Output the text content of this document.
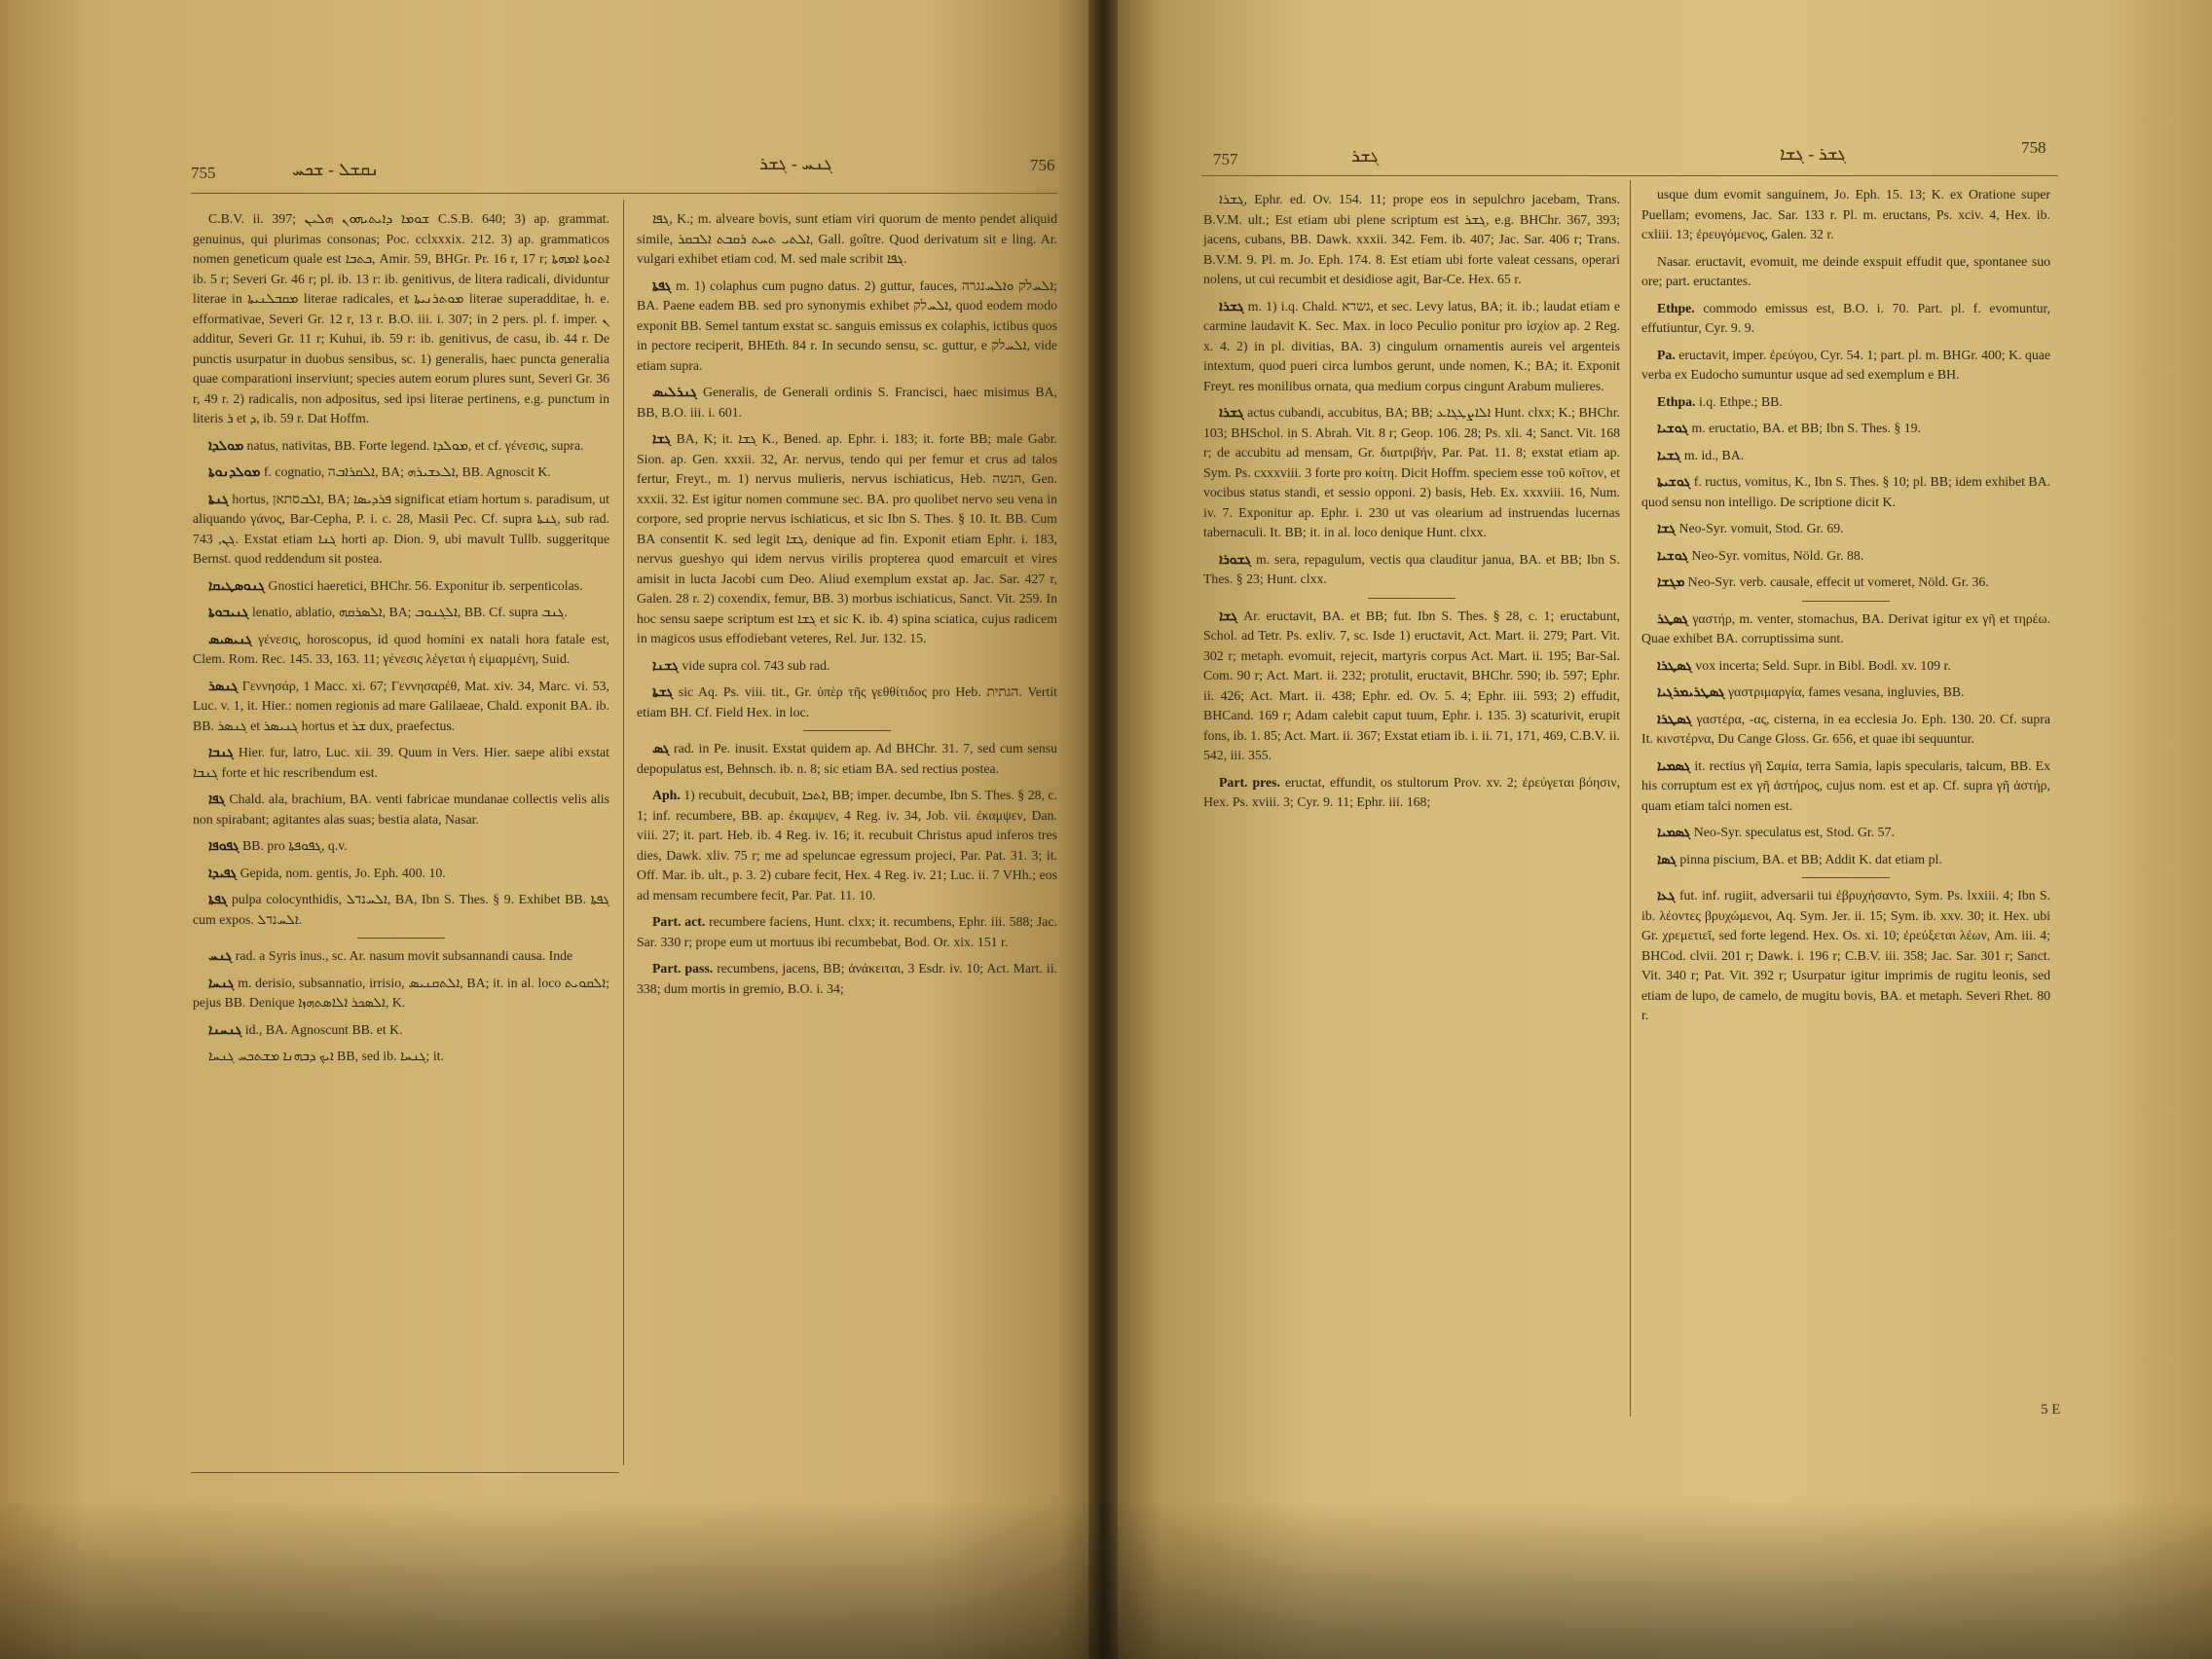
755	ܢܩܫܠ - ܫܟܚ	ܓܢܚ - ܓܫܪ	756

C.B.V. ii. 397; ܫܘܡܐ ܕܐܝܬܝܗܘܢ ܗܠܝܢ C.S.B. 640; 3) ap. grammat. genuinus, qui plurimas consonas; Poc. cclxxxix. 212. 3) ap. grammaticos nomen geneticum quale est ܟܬܒܐ, Amir. 59, BHGr. Pr. 16 r, 17 r; ܐܬܘܬܐ ܐܡܗܬܐ ib. 5 r; Severi Gr. 46 r; pl. ib. 13 r: ib. genitivus, de litera radicali, dividuntur literae in ܡܩܒܠܢܝܬܐ literae radicales, et ܡܘܬܪܢܝܬܐ literae superadditae, h. e. efformativae, Severi Gr. 12 r, 13 r. B.O. iii. i. 307; in 2 pers. pl. f. imper. ܢ additur, Severi Gr. 11 r; Kuhui, ib. 59 r: ib. genitivus, de casu, ib. 44 r. De punctis usurpatur in duobus sensibus, sc. 1) generalis, haec puncta generalia quae comparationi inserviunt; species autem eorum plures sunt, Severi Gr. 36 r, 49 r. 2) radicalis, non adpositus, sed ipsi literae pertinens, e.g. punctum in literis ܪ et ܕ, ib. 59 r. Dat Hoffm.

ܡܘܠܕܐ natus, nativitas, BB. Forte legend. ܡܘܠܕܐ, et cf. γένεσις, supra.

ܡܘܠܕܢܘܬܐ f. cognatio, ܐܠܩܪܐܒה, BA; ܐܠܥܫܝܪܗ, BB. Agnoscit K.

ܓܢܬܐ hortus, ܐܠܒסתאן, BA; ܦܪܕܝܣܐ significat etiam hortum s. paradisum, ut aliquando γάνος, Bar-Cepha, P. i. c. 28, Masii Pec. Cf. supra ܓܢܬܐ, sub rad. ܓܢ, 743. Exstat etiam ܓܢܐ horti ap. Dion. 9, ubi mavult Tullb. suggeritque Bernst. quod reddendum sit postea.

ܓܢܘܣܛܝܩܐ Gnostici haeretici, BHChr. 56. Exponitur ib. serpenticolas.

ܓܢܝܒܘܬܐ lenatio, ablatio, ܐܠܣܪܩܗ, BA; ܐܠܓܢܘܒ, BB. Cf. supra ܓܢܒ.

ܓܢܝܣܝܣ γένεσις, horoscopus, id quod homini ex natali hora fatale est, Clem. Rom. Rec. 145. 33, 163. 11; γένεσις λέγεται ἡ εἱμαρμένη, Suid.

ܓܢܣܪ Γεννησάρ, 1 Macc. xi. 67; Γεννησαρέθ, Mat. xiv. 34, Marc. vi. 53, Luc. v. 1, it. Hier.: nomen regionis ad mare Galilaeae, Chald. exponit BA. ib. BB. ܓܢܣܪ et ܓܢܝܣܪ hortus et ܫܪ dux, praefectus.

ܓܢܒܐ Hier. fur, latro, Luc. xii. 39. Quum in Vers. Hier. saepe alibi exstat ܓܢܒܐ forte et hic rescribendum est.

ܓܦܐ Chald. ala, brachium, BA. venti fabricae mundanae collectis velis alis non spirabant; agitantes alas suas; bestia alata, Nasar.

ܓܦܘܦܐ BB. pro ܓܦܘܦܬܐ, q.v.

ܓܦܝܕܐ Gepida, nom. gentis, Jo. Eph. 400. 10.

ܓܦܬܐ pulpa colocynthidis, ܐܠܚנדܠ, BA, Ibn S. Thes. § 9. Exhibet BB. ܓܦܬܐ cum expos. ܐܠܚנדܠ.

ܓܢܚ rad. a Syris inus., sc. Ar. nasum movit subsannandi causa. Inde

ܓܢܚܐ m. derisio, subsannatio, irrisio, ܐܠܬܩܢܝܣ, BA; it. in al. loco ܐܠܩܘܝܬ; pejus BB. Denique ܐܠܣܟܪ ܐܠܐܣܬܗܙܐ, K.

ܓܢܚܢܐ id., BA. Agnoscunt BB. et K.

ܐܝܟ ܕܒܗܢܐ ܡܫܬܟܚ ܓܢܚܐ BB, sed ib. ܓܢܚܐ; it.

ܓܦܐ, K.; m. alveare bovis, sunt etiam viri quorum de mento pendet aliquid simile, ܐܠܬܝ ܬܚܬ ܪܩܒܬ ܐܠܒܩܪ, Gall. goître. Quod derivatum sit e ling. Ar. vulgari exhibet etiam cod. M. sed male scribit ܓܦܐ.

ܓܦܬܐ m. 1) colaphus cum pugno datus. 2) guttur, fauces, ܐܠܚלק ܘܐܠܚנגרה; BA. Paene eadem BB. sed pro synonymis exhibet ܐܠܚלק, quod eodem modo exponit BB. Semel tantum exstat sc. sanguis emissus ex colaphis, ictibus quos in pectore reciperit, BHEth. 84 r. In secundo sensu, sc. guttur, e ܐܠܚלק, vide etiam supra.

ܓܢܪܠܝܣ Generalis, de Generali ordinis S. Francisci, haec misimus BA, BB, B.O. iii. i. 601.

ܓܫܐ BA, K; it. ܓܫܐ K., Bened. ap. Ephr. i. 183; it. forte BB; male Gabr. Sion. ap. Gen. xxxii. 32, Ar. nervus, tendo qui per femur et crus ad talos fertur, Freyt., m. 1) nervus mulieris, nervus ischiaticus, Heb. הנשה, Gen. xxxii. 32. Est igitur nomen commune sec. BA. pro quolibet nervo seu vena in corpore, sed proprie nervus ischiaticus, et sic Ibn S. Thes. § 10. It. BB. Cum BA consentit K. sed legit ܓܫܐ, denique ad fin. Exponit etiam Ephr. i. 183, nervus gueshyo qui idem nervus virilis propterea quod emarcuit et vires amisit in lucta Jacobi cum Deo. Aliud exemplum exstat ap. Jac. Sar. 427 r, Galen. 28 r. 2) coxendix, femur, BB. 3) morbus ischiaticus, Sanct. Vit. 259. In hoc sensu saepe scriptum est ܓܫܐ et sic K. ib. 4) spina sciatica, cujus radicem in magicos usus effodiebant veteres, Rel. Jur. 132. 15.

ܓܫܢܐ vide supra col. 743 sub rad.

ܓܫܬܐ sic Aq. Ps. viii. tit., Gr. ὑπὲρ τῆς γεθθίτιδος pro Heb. הגתית. Vertit etiam BH. Cf. Field Hex. in loc.

ܓܣ rad. in Pe. inusit. Exstat quidem ap. Ad BHChr. 31. 7, sed cum sensu depopulatus est, Behnsch. ib. n. 8; sic etiam BA. sed rectius postea.

Aph. 1) recubuit, decubuit, ܐܬܟܐ, BB; imper. decumbe, Ibn S. Thes. § 28, c. 1; inf. recumbere, BB. ap. ἐκαμψεν, 4 Reg. iv. 34, Job. vii. ἐκαμψεν, Dan. viii. 27; it. part. Heb. ib. 4 Reg. iv. 16; it. recubuit Christus apud inferos tres dies, Dawk. xliv. 75 r; me ad speluncae egressum projeci, Par. Pat. 31. 3; it. Off. Mar. ib. ult., p. 3. 2) cubare fecit, Hex. 4 Reg. iv. 21; Luc. ii. 7 VHh.; eos ad mensam recumbere fecit, Par. Pat. 11. 10.

Part. act. recumbere faciens, Hunt. clxx; it. recumbens, Ephr. iii. 588; Jac. Sar. 330 r; prope eum ut mortuus ibi recumbebat, Bod. Or. xix. 151 r.

Part. pass. recumbens, jacens, BB; ἀνάκειται, 3 Esdr. iv. 10; Act. Mart. ii. 338; dum mortis in gremio, B.O. i. 34;

757	ܓܫܪ	ܓܫܪ - ܓܫܐ	758

ܓܫܪܐ, Ephr. ed. Ov. 154. 11; prope eos in sepulchro jacebam, Trans. B.V.M. ult.; Est etiam ubi plene scriptum est ܓܫܪ, e.g. BHChr. 367, 393; jacens, cubans, BB. Dawk. xxxii. 342. Fem. ib. 407; Jac. Sar. 406 r; Trans. B.V.M. 9. Pl. m. Jo. Eph. 174. 8. Est etiam ubi forte valeat cessans, operari nolens, ut cui recumbit et desidiose agit, Bar-Ce. Hex. 65 r.

ܓܫܪܐ m. 1) i.q. Chald. גשרא, et sec. Levy latus, BA; it. ib.; laudat etiam e carmine laudavit K. Sec. Max. in loco Peculio ponitur pro ἰσχίον ap. 2 Reg. x. 4. 2) in pl. divitias, BA. 3) cingulum ornamentis aureis vel argenteis intextum, quod pueri circa lumbos gerunt, unde nomen, K.; BA; it. Exponit Freyt. res monilibus ornata, qua medium corpus cingunt Arabum mulieres.

ܓܫܪܐ actus cubandi, accubitus, BA; BB; ܐܠܐܨܛܓܐܥ Hunt. clxx; K.; BHChr. 103; BHSchol. in S. Abrah. Vit. 8 r; Geop. 106. 28; Ps. xli. 4; Sanct. Vit. 168 r; de accubitu ad mensam, Gr. διατριβήν, Par. Pat. 11. 8; exstat etiam ap. Sym. Ps. cxxxviii. 3 forte pro κοίτη. Dicit Hoffm. speciem esse τοῦ κοῖτον, et vocibus status standi, et sessio opponi. 2) basis, Heb. Ex. xxxviii. 16, Num. iv. 7. Exponitur ap. Ephr. i. 230 ut vas olearium ad instruendas lucernas tabernaculi. It. BB; it. in al. loco denique Hunt. clxx.

ܓܫܘܪܐ m. sera, repagulum, vectis qua clauditur janua, BA. et BB; Ibn S. Thes. § 23; Hunt. clxx.

ܓܫܐ Ar. eructavit, BA. et BB; fut. Ibn S. Thes. § 28, c. 1; eructabunt, Schol. ad Tetr. Ps. exliv. 7, sc. Isde 1) eructavit, Act. Mart. ii. 279; Part. Vit. 302 r; metaph. evomuit, rejecit, martyris corpus Act. Mart. ii. 195; Bar-Sal. Com. 90 r; Act. Mart. ii. 232; protulit, eructavit, BHChr. 590; ib. 597; Ephr. ii. 426; Act. Mart. ii. 438; Ephr. ed. Ov. 5. 4; Ephr. iii. 593; 2) effudit, BHCand. 169 r; Adam calebit caput tuum, Ephr. i. 135. 3) scaturivit, erupit fons, ib. 1. 85; Act. Mart. ii. 367; Exstat etiam ib. i. ii. 71, 171, 469, C.B.V. ii. 542, iii. 355.

Part. pres. eructat, effundit, os stultorum Prov. xv. 2; ἐρεύγεται βόησιν, Hex. Ps. xviii. 3; Cyr. 9. 11; Ephr. iii. 168;

usque dum evomit sanguinem, Jo. Eph. 15. 13; K. ex Oratione super Puellam; evomens, Jac. Sar. 133 r. Pl. m. eructans, Ps. xciv. 4, Hex. ib. cxliii. 13; ἐρευγόμενος, Galen. 32 r.

Nasar. eructavit, evomuit, me deinde exspuit effudit que, spontanee suo ore; part. eructantes.

Ethpe. commodo emissus est, B.O. i. 70. Part. pl. f. evomuntur, effutiuntur, Cyr. 9. 9.

Pa. eructavit, imper. ἐρεύγου, Cyr. 54. 1; part. pl. m. BHGr. 400; K. quae verba ex Eudocho sumuntur usque ad sed exemplum e BH.

Ethpa. i.q. Ethpe.; BB.

ܓܘܫܝܐ m. eructatio, BA. et BB; Ibn S. Thes. § 19.

ܓܫܝܐ m. id., BA.

ܓܘܫܝܬܐ f. ructus, vomitus, K., Ibn S. Thes. § 10; pl. BB; idem exhibet BA. quod sensu non intelligo. De scriptione dicit K.

ܓܫܐ Neo-Syr. vomuit, Stod. Gr. 69.

ܓܘܫܝܐ Neo-Syr. vomitus, Nöld. Gr. 88.

ܡܓܫܐ Neo-Syr. verb. causale, effecit ut vomeret, Nöld. Gr. 36.

ܓܣܛܪ γαστήρ, m. venter, stomachus, BA. Derivat igitur ex γῆ et τηρέω. Quae exhibet BA. corruptissima sunt.

ܓܣܛܪܐ vox incerta; Seld. Supr. in Bibl. Bodl. xv. 109 r.

ܓܣܛܪܝܡܪܓܝܐ γαστριμαργία, fames vesana, ingluvies, BB.

ܓܣܛܪܐ γαστέρα, -ας, cisterna, in ea ecclesia Jo. Eph. 130. 20. Cf. supra It. κινστέρνα, Du Cange Gloss. Gr. 656, et quae ibi sequuntur.

ܓܣܡܝܐ it. rectius γῆ Σαμία, terra Samia, lapis specularis, talcum, BB. Ex his corruptum est ex γῆ ἀστήρος, cujus nom. est et ap. Cf. supra γῆ ἀστήρ, quam etiam talci nomen est.

ܓܣܡܝܐ Neo-Syr. speculatus est, Stod. Gr. 57.

ܓܣܐ pinna piscium, BA. et BB; Addit K. dat etiam pl.

ܓܥܐ fut. inf. rugiit, adversarii tui ἐβρυχήσαντο, Sym. Ps. lxxiii. 4; Ibn S. ib. λέοντες βρυχώμενοι, Aq. Sym. Jer. ii. 15; Sym. ib. xxv. 30; it. Hex. ubi Gr. χρεμετιεῖ, sed forte legend. Hex. Os. xi. 10; ἐρεύξεται λέων, Am. iii. 4; BHCod. clvii. 201 r; Dawk. i. 196 r; C.B.V. iii. 358; Jac. Sar. 301 r; Sanct. Vit. 340 r; Pat. Vit. 392 r; Usurpatur igitur imprimis de rugitu leonis, sed etiam de lupo, de camelo, de mugitu bovis, BA. et metaph. Severi Rhet. 80 r.

5 E
